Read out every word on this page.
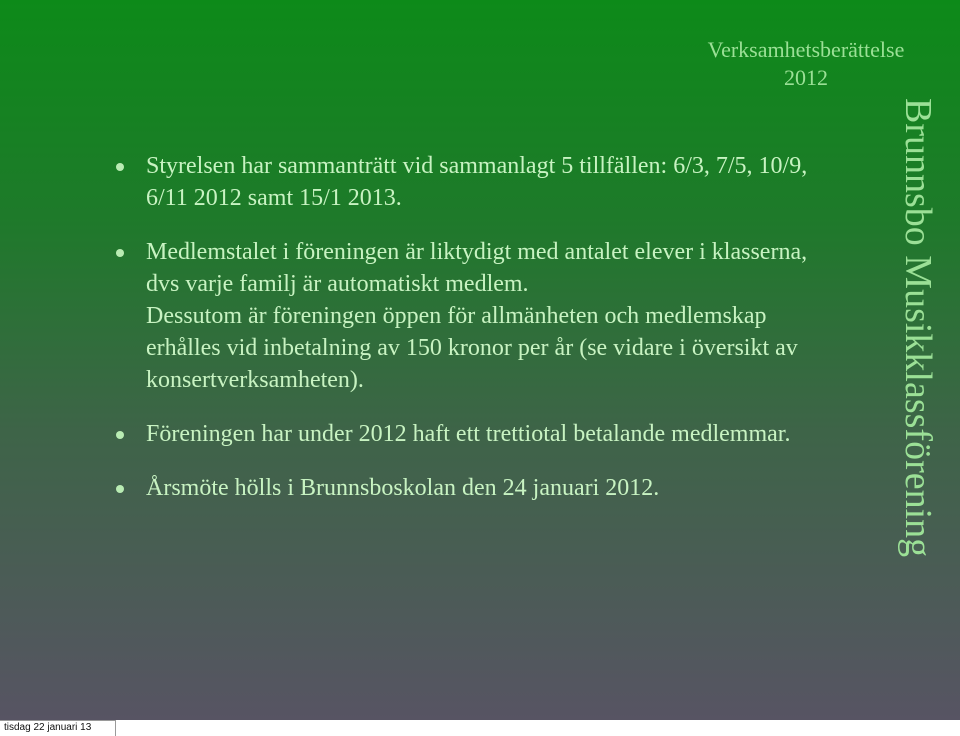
Verksamhetsberättelse
2012
Brunnsbo Musikklassförening

Styrelsen har sammanträtt vid sammanlagt 5 tillfällen: 6/3, 7/5, 10/9, 6/11 2012 samt 15/1 2013.

Medlemstalet i föreningen är liktydigt med antalet elever i klasserna, dvs varje familj är automatiskt medlem.

Dessutom är föreningen öppen för allmänheten och medlemskap erhålles vid inbetalning av 150 kronor per år (se vidare i översikt av konsertverksamheten).

Föreningen har under 2012 haft ett trettiotal betalande medlemmar.

Årsmöte hölls i Brunnsboskolan den 24 januari 2012.

tisdag 22 januari 13
